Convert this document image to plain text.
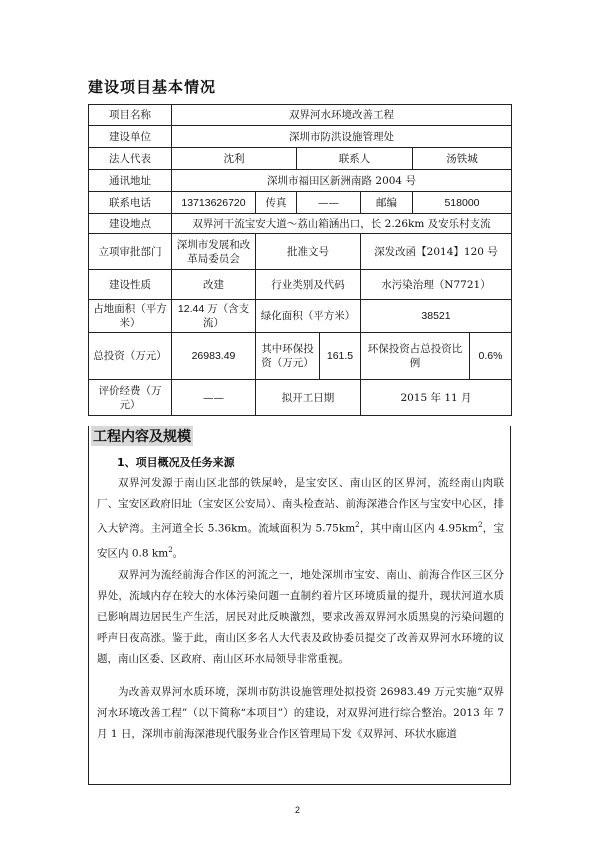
建设项目基本情况
项目名称	双界河水环境改善工程						
建设单位	深圳市防洪设施管理处						
法人代表	沈利		联系人			汤铁城	
通讯地址	深圳市福田区新洲南路 2004 号						
联系电话	13713626720	传真	——		邮编	518000	
建设地点	双界河干流宝安大道～荔山箱涵出口，长 2.26km 及安乐村支流						
立项审批部门	深圳市发展和改革局委员会	批准文号			深发改函【2014】120 号		
建设性质	改建	行业类别及代码			水污染治理（N7721）		
占地面积（平方米）	12.44 万（含支流）	绿化面积（平方米）			38521		
总投资（万元）	26983.49	其中环保投资（万元）		161.5	环保投资占总投资比例		0.6%
评价经费（万元）	——	拟开工日期			2015 年 11 月		
工程内容及规模
1、项目概况及任务来源
双界河发源于南山区北部的铁屎岭，是宝安区、南山区的区界河，流经南山肉联厂、宝安区政府旧址（宝安区公安局）、南头检查站、前海深港合作区与宝安中心区，排入大铲湾。主河道全长 5.36km。流域面积为 $5.75km^2$，其中南山区内 $4.95km^2$，宝安区内 0.8 $km^2$。
双界河为流经前海合作区的河流之一，地处深圳市宝安、南山、前海合作区三区分界处，流域内存在较大的水体污染问题一直制约着片区环境质量的提升，现状河道水质已影响周边居民生产生活，居民对此反映激烈，要求改善双界河水质黑臭的污染问题的呼声日夜高涨。鉴于此，南山区多名人大代表及政协委员提交了改善双界河水环境的议题，南山区委、区政府、南山区环水局领导非常重视。
为改善双界河水质环境，深圳市防洪设施管理处拟投资 26983.49 万元实施“双界河水环境改善工程”（以下简称“本项目”）的建设，对双界河进行综合整治。2013 年 7 月 1 日，深圳市前海深港现代服务业合作区管理局下发《双界河、环状水廊道
2
